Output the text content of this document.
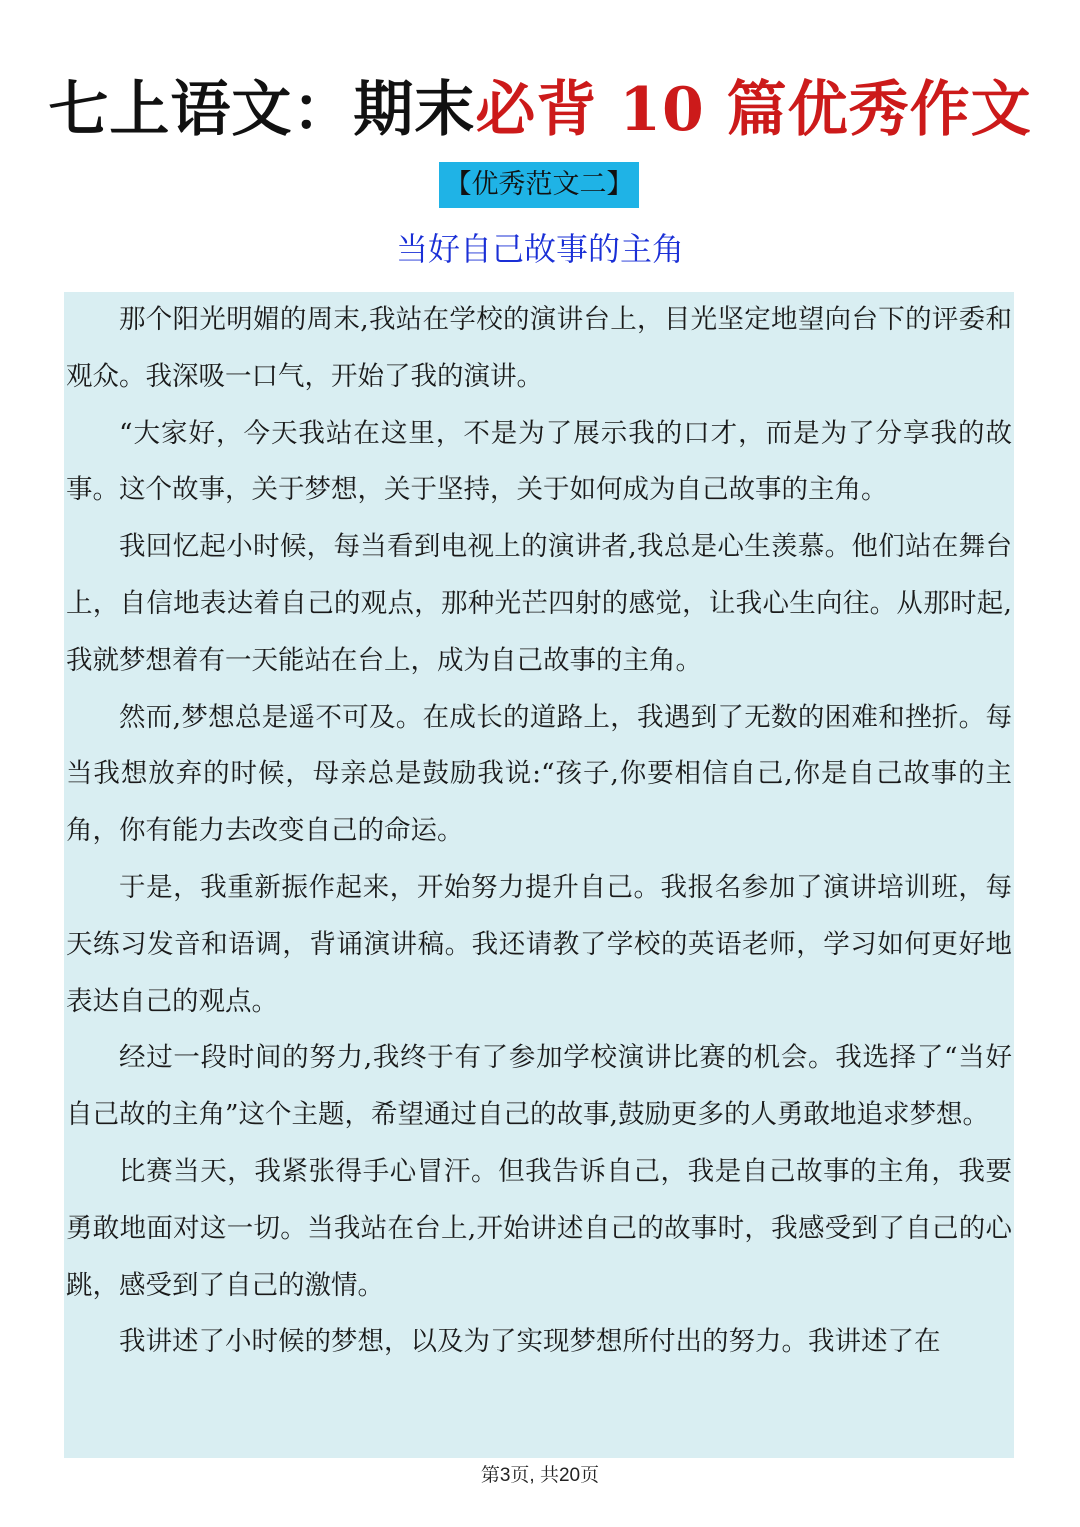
七上语文：期末必背 10 篇优秀作文
【优秀范文二】
当好自己故事的主角

那个阳光明媚的周末,我站在学校的演讲台上，目光坚定地望向台下的评委和观众。我深吸一口气，开始了我的演讲。

“大家好，今天我站在这里，不是为了展示我的口才，而是为了分享我的故事。这个故事，关于梦想，关于坚持，关于如何成为自己故事的主角。

我回忆起小时候，每当看到电视上的演讲者,我总是心生羡慕。他们站在舞台上，自信地表达着自己的观点，那种光芒四射的感觉，让我心生向往。从那时起,我就梦想着有一天能站在台上，成为自己故事的主角。

然而,梦想总是遥不可及。在成长的道路上，我遇到了无数的困难和挫折。每当我想放弃的时候，母亲总是鼓励我说:“孩子,你要相信自己,你是自己故事的主角，你有能力去改变自己的命运。

于是，我重新振作起来，开始努力提升自己。我报名参加了演讲培训班，每天练习发音和语调，背诵演讲稿。我还请教了学校的英语老师，学习如何更好地表达自己的观点。

经过一段时间的努力,我终于有了参加学校演讲比赛的机会。我选择了“当好自己故的主角”这个主题，希望通过自己的故事,鼓励更多的人勇敢地追求梦想。

比赛当天，我紧张得手心冒汗。但我告诉自己，我是自己故事的主角，我要勇敢地面对这一切。当我站在台上,开始讲述自己的故事时，我感受到了自己的心跳，感受到了自己的激情。

我讲述了小时候的梦想，以及为了实现梦想所付出的努力。我讲述了在

第3页, 共20页
